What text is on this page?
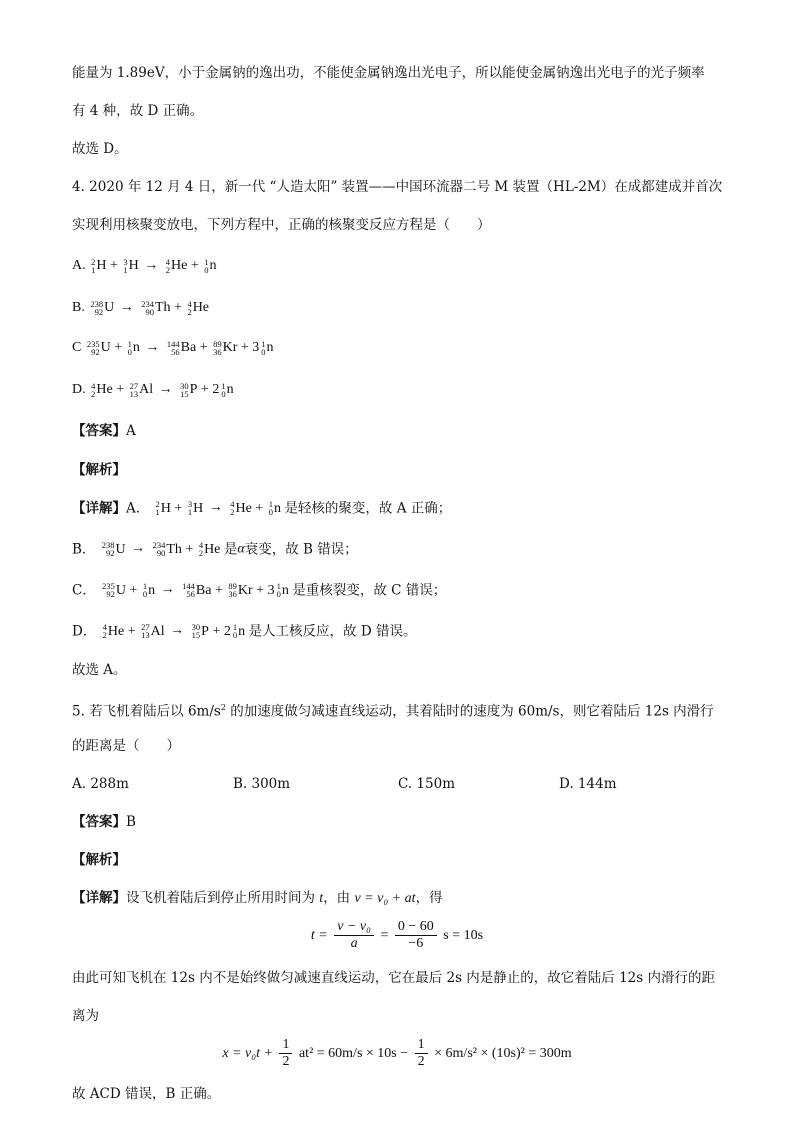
能量为 1.89eV，小于金属钠的逸出功，不能使金属钠逸出光电子，所以能使金属钠逸出光电子的光子频率
有 4 种，故 D 正确。
故选 D。
4. 2020 年 12 月 4 日，新一代 “人造太阳” 装置——中国环流器二号 M 装置（HL-2M）在成都建成并首次
实现利用核聚变放电，下列方程中，正确的核聚变反应方程是（　　）
A. 2
1 H + 3
1 H → 4
2 He + 1
0 n
B. 238
92 U → 234
90 Th + 4
2 He
C 235
92 U + 1
0 n → 144
56 Ba + 89
36 Kr + 3 1
0 n
D. 4
2 He + 27
13 Al → 30
15 P + 2 1
0 n
【答案】A
【解析】
【详解】A． 2
1 H + 3
1 H → 4
2 He + 1
0 n 是轻核的聚变，故 A 正确；
B． 238
92 U → 234
90 Th + 4
2 He 是α衰变，故 B 错误；
C． 235
92 U + 1
0 n → 144
56 Ba + 89
36 Kr + 3 1
0 n 是重核裂变，故 C 错误；
D． 4
2 He + 27
13 Al → 30
15 P + 2 1
0 n 是人工核反应，故 D 错误。
故选 A。
5. 若飞机着陆后以 $6m/s^2$ 的加速度做匀减速直线运动，其着陆时的速度为 60m/s，则它着陆后 12s 内滑行
的距离是（　　）
A. 288m	B. 300m	C. 150m	D. 144m
【答案】B
【解析】
【详解】设飞机着陆后到停止所用时间为 t，由 v = v₀ + at，得
$t = \frac{\text{v − v₀}}{a} = \frac{0 - 60}{-6}$ s = 10s
由此可知飞机在 12s 内不是始终做匀减速直线运动，它在最后 2s 内是静止的，故它着陆后 12s 内滑行的距
离为
$x = v_0t + \frac{1}{2} at^2 = 60m/s \times 10s - \frac{1}{2} \times 6m/s^2 \times (10s)^2 = 300m$
故 ACD 错误，B 正确。
